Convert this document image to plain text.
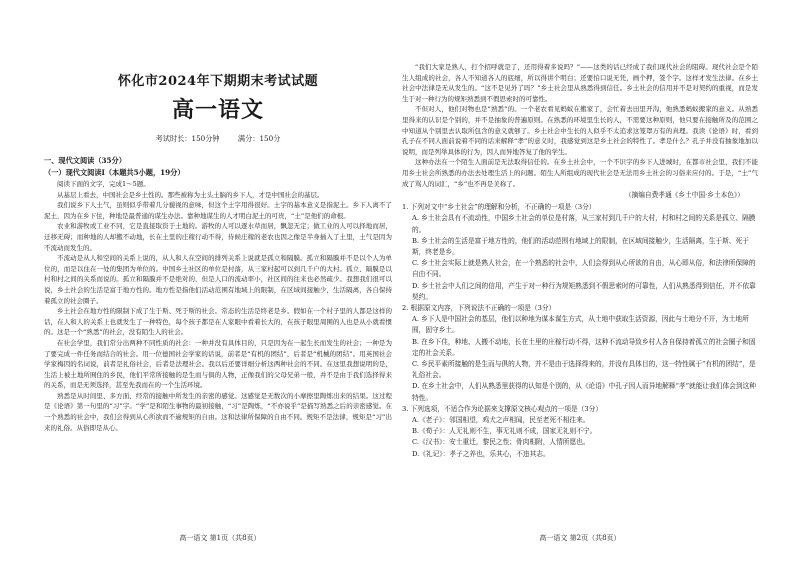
怀化市2024年下期期末考试试题
高一语文
考试时长：150分钟	满分：150分
一、现代文阅读（35分）
（一）现代文阅读Ⅰ（本题共5小题，19分）

阅读下面的文字，完成1～5题。

从基层上看去，中国社会是乡土性的。那些被称为土头土脑的乡下人，才是中国社会的基层。

我们说乡下人土气，虽则似乎带着几分藐视的意味，但这个土字用得很好。土字的基本意义是指泥土。乡下人离不了泥土，因为在乡下住，种地是最普通的谋生办法。靠种地谋生的人才明白泥土的可贵，“土”是他们的命根。

农业和游牧或工业不同，它是直接取资于土地的。游牧的人可以逐水草而居，飘忽无定；做工业的人可以择地而居，迁移无碍；而种地的人却搬不动地，长在土里的庄稼行动不得，侍候庄稼的老农也因之像是半身插入了土里，土气是因为不流动而发生的。

不流动是从人和空间的关系上说的，从人和人在空间的排列关系上说就是孤立和隔膜。孤立和隔膜并不是以个人为单位的，而是以住在一处的集团为单位的。中国乡土社区的单位是村落，从三家村起可以到几千户的大村。孤立、隔膜是以村和村之间的关系而说的。孤立和隔膜并不是绝对的，但是人口的流动率小，社区间的往来也必然疏少。我想我们很可以说，乡土社会的生活是富于地方性的。地方性是指他们活动范围有地域上的限制，在区域间接触少，生活隔离，各自保持着孤立的社会圈子。

乡土社会在地方性的限制下成了生于斯、死于斯的社会。常态的生活是终老是乡。假如在一个村子里的人都是这样的话，在人和人的关系上也就发生了一种特色，每个孩子都是在人家眼中看着长大的，在孩子眼里周围的人也是从小就看惯的。这是一个“熟悉”的社会，没有陌生人的社会。

在社会学里，我们常分出两种不同性质的社会：一种并没有具体目的，只是因为在一起生长而发生的社会；一种是为了要完成一件任务而结合的社会。用一位德国社会学家的话说，前者是“有机的团结”，后者是“机械的团结”。用英国社会学家梅因的名词说，前者是礼俗社会，后者是法理社会。我以后还要详细分析这两种社会的不同。在这里我想说明的是，生活上被土地所囿住的乡民，他们平常所接触的是生而与俱的人物，正像我们的父母兄弟一般，并不是由于我们选择得来的关系，而是无须选择，甚至先我而在的一个生活环境。

熟悉是从时间里、多方面、经常的接触中所发生的亲密的感觉。这感觉是无数次的小摩擦里陶炼出来的结果。这过程是《论语》第一句里的“习”字。“学”是和陌生事物的最初接触，“习”是陶炼，“不亦说乎”是描写熟悉之后的亲密感觉。在一个熟悉的社会中，我们会得到从心所欲而不逾规矩的自由。这和法律所保障的自由不同。规矩不是法律，规矩是“习”出来的礼俗。从俗即是从心。

“我们大家是熟人，打个招呼就是了，还用得着多说吗？”——这类的话已经成了我们现代社会的阻碍。现代社会是个陌生人组成的社会，各人不知道各人的底细，所以得讲个明白；还要怕口说无凭，画个押，签个字。这样才发生法律。在乡土社会中法律是无从发生的。“这不是见外了吗？”乡土社会里从熟悉得到信任。乡土社会的信用并不是对契约的重视，而是发生于对一种行为的规矩熟悉到不假思索时的可靠性。

不但对人，他们对物也是“熟悉”的。一个老农看见蚂蚁在搬家了，会忙着去田里开沟，他熟悉蚂蚁搬家的意义。从熟悉里得来的认识是个别的，并不是抽象的普遍原则。在熟悉的环境里生长的人，不需要这种原则，他只要在接触所及的范围之中知道从个别里去认取所包含的意义就够了。乡土社会中生长的人似乎不太追求这笼罩万有的真理。我读《论语》时，看到孔子在不同人面前说着不同的话来解释“孝”的意义时，我感觉到这是乡土社会的特性了。孝是什么？孔子并没有抽象地加以说明，而是列举具体的行为，因人而异地答复了他的学生。

这种办法在一个陌生人面前是无法取得信任的。在乡土社会中，一个不识字的乡下人进城时，在都市社会里，我们不能用乡土社会所熟悉的办法去处理生活上的问题。陌生人所组成的现代社会是无法用乡土社会的习俗来应付的。于是，“土”气成了骂人的词汇，“乡”也不再是美称了。

（摘编自费孝通《乡土中国·乡土本色》）

1. 下列对文中“乡土社会”的理解和分析，不正确的一项是（3分）

A. 乡土社会具有不流动性，中国乡土社会的单位是村落，从三家村到几千户的大村，村和村之间的关系是孤立、隔膜的。

B. 乡土社会的生活是富于地方性的，他们的活动范围有地域上的限制，在区域间接触少，生活隔离，生于斯、死于斯，终老是乡。

C. 乡土社会实际上就是熟人社会，在一个熟悉的社会中，人们会得到从心所欲的自由，从心即从俗，和法律所保障的自由不同。

D. 乡土社会中人们之间的信用，产生于对一种行为规矩熟悉到不假思索时的可靠性，人们从熟悉得到信任，并不依靠契约。

2. 根据原文内容，下列说法不正确的一项是（3分）

A. 乡下人是中国社会的基层，他们以种地为谋本谋生方式，从土地中获取生活资源，因此与土地分不开，为土地所囿，固守乡土。

B. 在乡下住，种地、人搬不动地，长在土里的庄稼行动不得，这种不流动导致乡村人各自保持着孤立的社会圈子和固定的社会关系。

C. 乡民平素所接触的是生而与俱的人物，并不是由于选择得来的，并没有具体目的，这一特性属于“有机的团结”，是礼俗社会。

D. 在乡土社会中，人们从熟悉里获得的认知是个别的，从《论语》中孔子因人而异地解释“孝”就能让我们体会到这种特性。

3. 下列选项，不适合作为论据来支撑原文核心观点的一项是（3分）

A.《老子》：邻国相望，鸡犬之声相闻，民至老死不相往来。

B.《荀子》：人无礼则不生，事无礼则不成，国家无礼则不宁。

C.《汉书》：安土重迁，黎民之性；骨肉相附，人情所愿也。

D.《礼记》：孝子之养也，乐其心，不违其志。

高一语文 第1页（共8页）	高一语文 第2页（共8页）
